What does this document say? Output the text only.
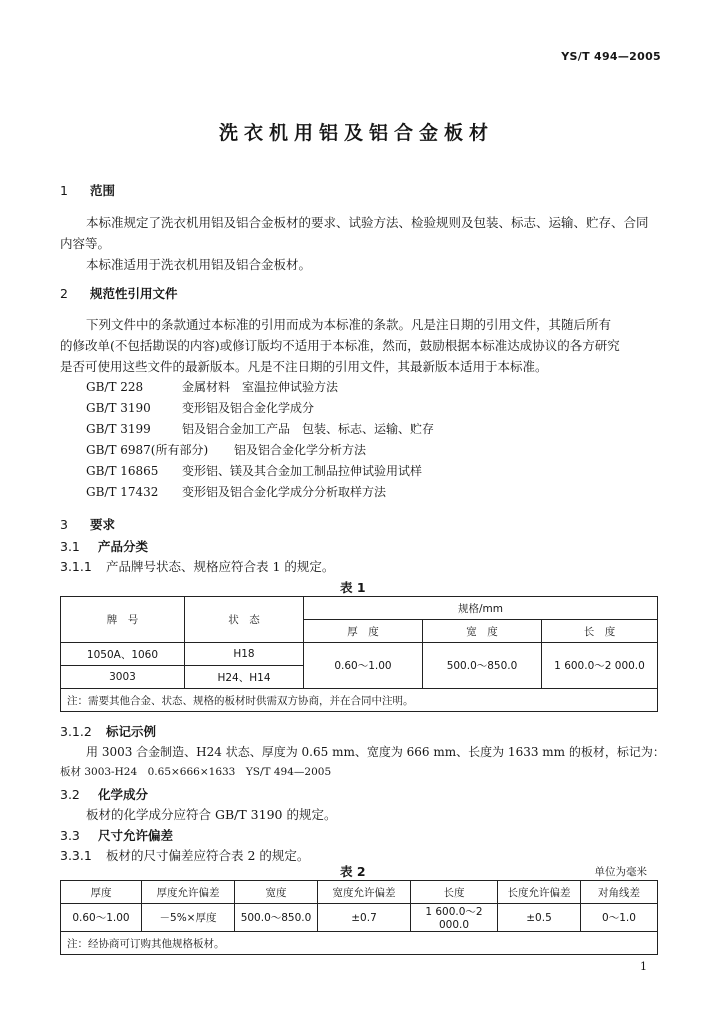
YS/T 494—2005
洗衣机用铝及铝合金板材
1 范围
本标准规定了洗衣机用铝及铝合金板材的要求、试验方法、检验规则及包装、标志、运输、贮存、合同
内容等。
本标准适用于洗衣机用铝及铝合金板材。
2 规范性引用文件
下列文件中的条款通过本标准的引用而成为本标准的条款。凡是注日期的引用文件，其随后所有
的修改单(不包括勘误的内容)或修订版均不适用于本标准，然而，鼓励根据本标准达成协议的各方研究
是否可使用这些文件的最新版本。凡是不注日期的引用文件，其最新版本适用于本标准。
GB/T 228	金属材料　室温拉伸试验方法
GB/T 3190	变形铝及铝合金化学成分
GB/T 3199	铝及铝合金加工产品　包装、标志、运输、贮存
GB/T 6987(所有部分) 铝及铝合金化学分析方法
GB/T 16865 变形铝、镁及其合金加工制品拉伸试验用试样
GB/T 17432 变形铝及铝合金化学成分分析取样方法
3 要求
3.1 产品分类
3.1.1 产品牌号状态、规格应符合表 1 的规定。
表 1
牌　号	状　态	规格/mm		
		厚　度	宽　度	长　度
1050A、1060	H18	0.60～1.00	500.0～850.0	1 600.0～2 000.0
3003	H24、H14			
注：需要其他合金、状态、规格的板材时供需双方协商，并在合同中注明。				
3.1.2 标记示例
用 3003 合金制造、H24 状态、厚度为 0.65 mm、宽度为 666 mm、长度为 1633 mm 的板材，标记为：
板材 3003-H24　0.65×666×1633　YS/T 494—2005
3.2 化学成分
板材的化学成分应符合 GB/T 3190 的规定。
3.3 尺寸允许偏差
3.3.1 板材的尺寸偏差应符合表 2 的规定。
表 2	单位为毫米
厚度	厚度允许偏差	宽度	宽度允许偏差	长度	长度允许偏差	对角线差
0.60～1.00	－5%×厚度	500.0～850.0	±0.7	1 600.0～2 000.0	±0.5	0～1.0
注：经协商可订购其他规格板材。						
1
